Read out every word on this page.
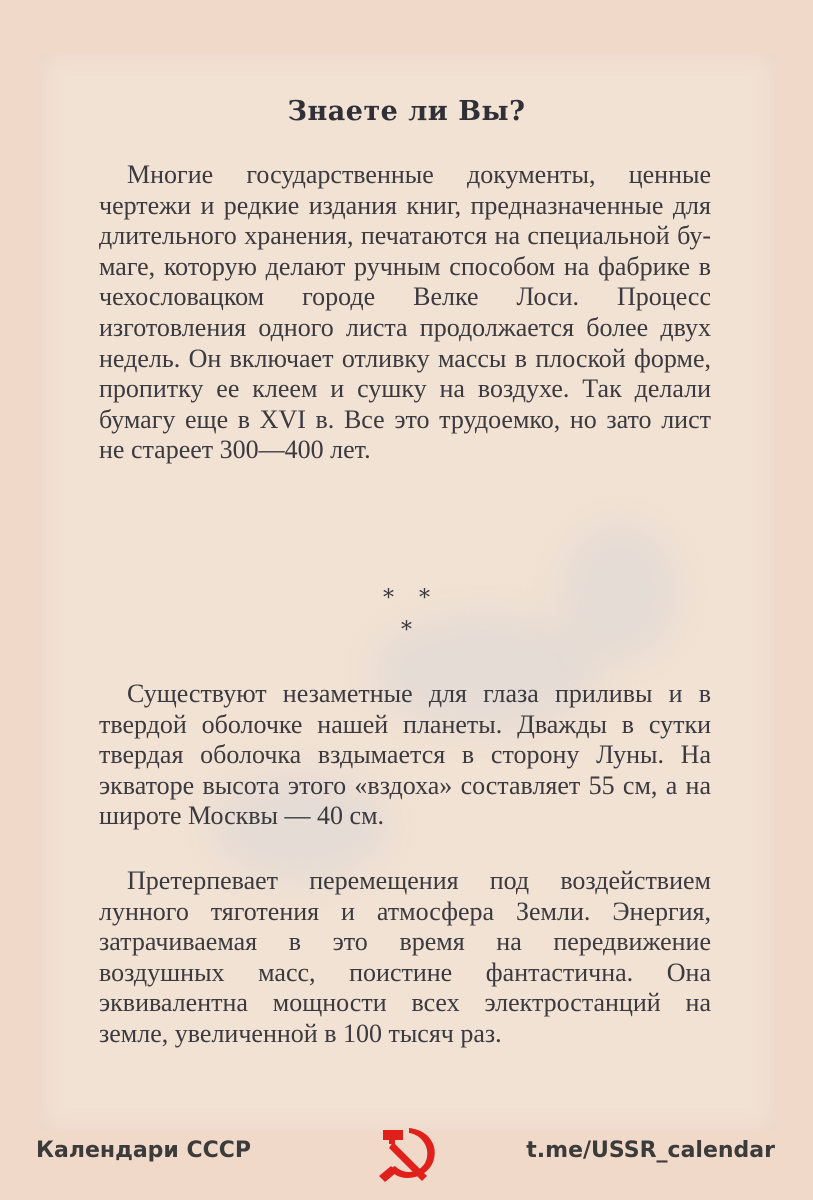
Знаете ли Вы?

Многие государственные документы, ценные чертежи и редкие издания книг, предназначенные для длительного хранения, печатаются на специальной бумаге, которую делают ручным способом на фабрике в чехословацком городе Велке Лоси. Процесс изготовления одного листа продолжается более двух недель. Он включает отливку массы в плоской форме, пропитку ее клеем и сушку на воздухе. Так делали бумагу еще в XVI в. Все это трудоемко, но зато лист не стареет 300—400 лет.

* *
*

Существуют незаметные для глаза приливы и в твердой оболочке нашей планеты. Дважды в сутки твердая оболочка вздымается в сторону Луны. На экваторе высота этого «вздоха» составляет 55 см, а на широте Москвы — 40 см.

Претерпевает перемещения под воздействием лунного тяготения и атмосфера Земли. Энергия, затрачиваемая в это время на передвижение воздушных масс, поистине фантастична. Она эквивалентна мощности всех электростанций на земле, увеличенной в 100 тысяч раз.

Календари СССР	t.me/USSR_calendar
